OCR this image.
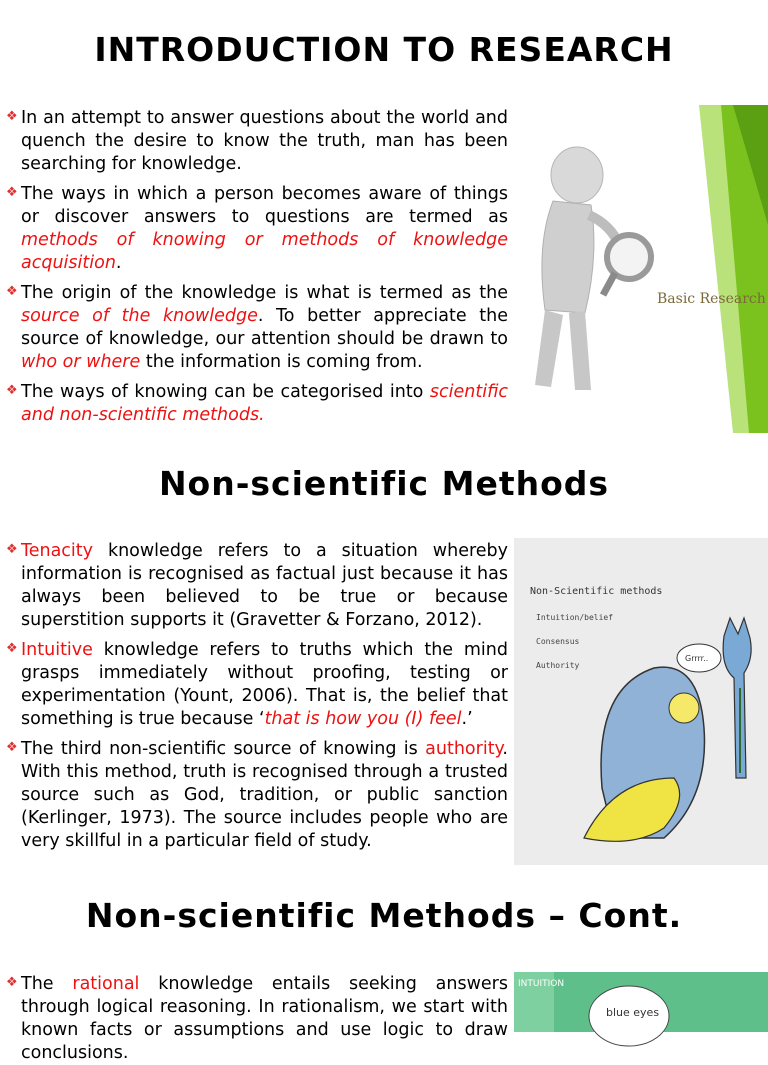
INTRODUCTION TO RESEARCH
❖ In an attempt to answer questions about the world and quench the desire to know the truth, man has been searching for knowledge.
❖ The ways in which a person becomes aware of things or discover answers to questions are termed as methods of knowing or methods of knowledge acquisition.
❖ The origin of the knowledge is what is termed as the source of the knowledge. To better appreciate the source of knowledge, our attention should be drawn to who or where the information is coming from.
❖ The ways of knowing can be categorised into scientific and non-scientific methods.
Basic Research
Non-scientific Methods
❖ Tenacity knowledge refers to a situation whereby information is recognised as factual just because it has always been believed to be true or because superstition supports it (Gravetter & Forzano, 2012).
❖ Intuitive knowledge refers to truths which the mind grasps immediately without proofing, testing or experimentation (Yount, 2006). That is, the belief that something is true because ‘that is how you (I) feel.’
❖ The third non-scientific source of knowing is authority. With this method, truth is recognised through a trusted source such as God, tradition, or public sanction (Kerlinger, 1973). The source includes people who are very skillful in a particular field of study.
Non-Scientific methods
Intuition/belief
Consensus
Authority
Grrrr..
Non-scientific Methods – Cont.
❖ The rational knowledge entails seeking answers through logical reasoning. In rationalism, we start with known facts or assumptions and use logic to draw conclusions.
INTUITION
blue eyes
